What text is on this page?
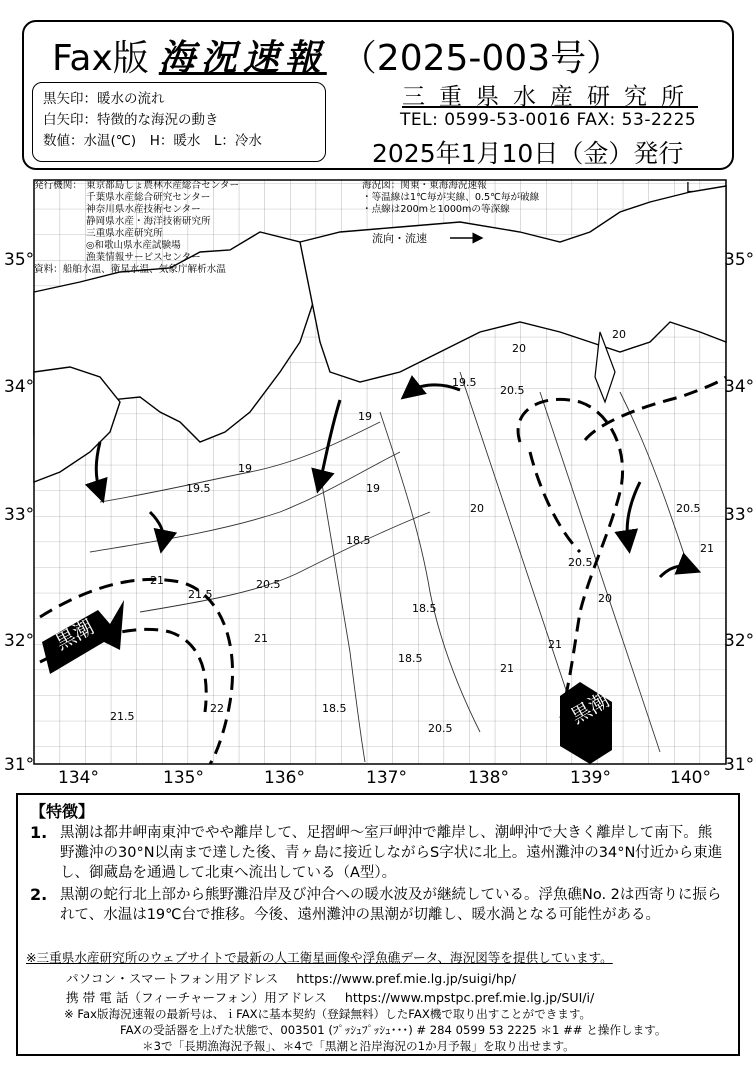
Fax版 海況速報 （2025-003号）
黒矢印：暖水の流れ
白矢印：特徴的な海況の動き
数値：水温(℃)　H：暖水　L：冷水
三重県水産研究所
TEL: 0599-53-0016 FAX: 53-2225
2025年1月10日（金）発行
黒潮
黒潮
L
19.5
19
18.5
20.5
20
21
21.5
22
20.5
19.5
20
19
18.5
18.5
21
21.5
20.5
20
21
20.5
21
19
20
18.5
20.5
21
発行機関： 東京都島しょ農林水産総合センター
千葉県水産総合研究センター
神奈川県水産技術センター
静岡県水産・海洋技術研究所
三重県水産研究所
◎和歌山県水産試験場
漁業情報サービスセンター
資料： 船舶水温、衛星水温、気象庁解析水温
海況図：関東・東海海況速報
・等温線は1℃毎が実線、0.5℃毎が破線
・点線は200mと1000mの等深線
流向・流速
35°
34°
33°
32°
31°
35°
34°
33°
32°
31°
134°	135°	136°	137°	138°	139°	140°
【特徴】
1. 黒潮は都井岬南東沖でやや離岸して、足摺岬～室戸岬沖で離岸し、潮岬沖で大きく離岸して南下。熊野灘沖の30°N以南まで達した後、青ヶ島に接近しながらS字状に北上。遠州灘沖の34°N付近から東進し、御蔵島を通過して北東へ流出している（A型）。
2. 黒潮の蛇行北上部から熊野灘沿岸及び沖合への暖水波及が継続している。浮魚礁No. 2は西寄りに振られて、水温は19℃台で推移。今後、遠州灘沖の黒潮が切離し、暖水渦となる可能性がある。
※三重県水産研究所のウェブサイトで最新の人工衛星画像や浮魚礁データ、海況図等を提供しています。
パソコン・スマートフォン用アドレス https://www.pref.mie.lg.jp/suigi/hp/
携 帯 電 話（フィーチャーフォン）用アドレス https://www.mpstpc.pref.mie.lg.jp/SUI/i/
※ Fax版海況速報の最新号は、ｉFAXに基本契約（登録無料）したFAX機で取り出すことができます。
FAXの受話器を上げた状態で、003501 (ﾌﾟｯｼｭﾌﾟｯｼｭ･･･) # 284 0599 53 2225 ＊1 ## と操作します。
＊3で「長期漁海況予報」、＊4で「黒潮と沿岸海況の1か月予報」を取り出せます。
